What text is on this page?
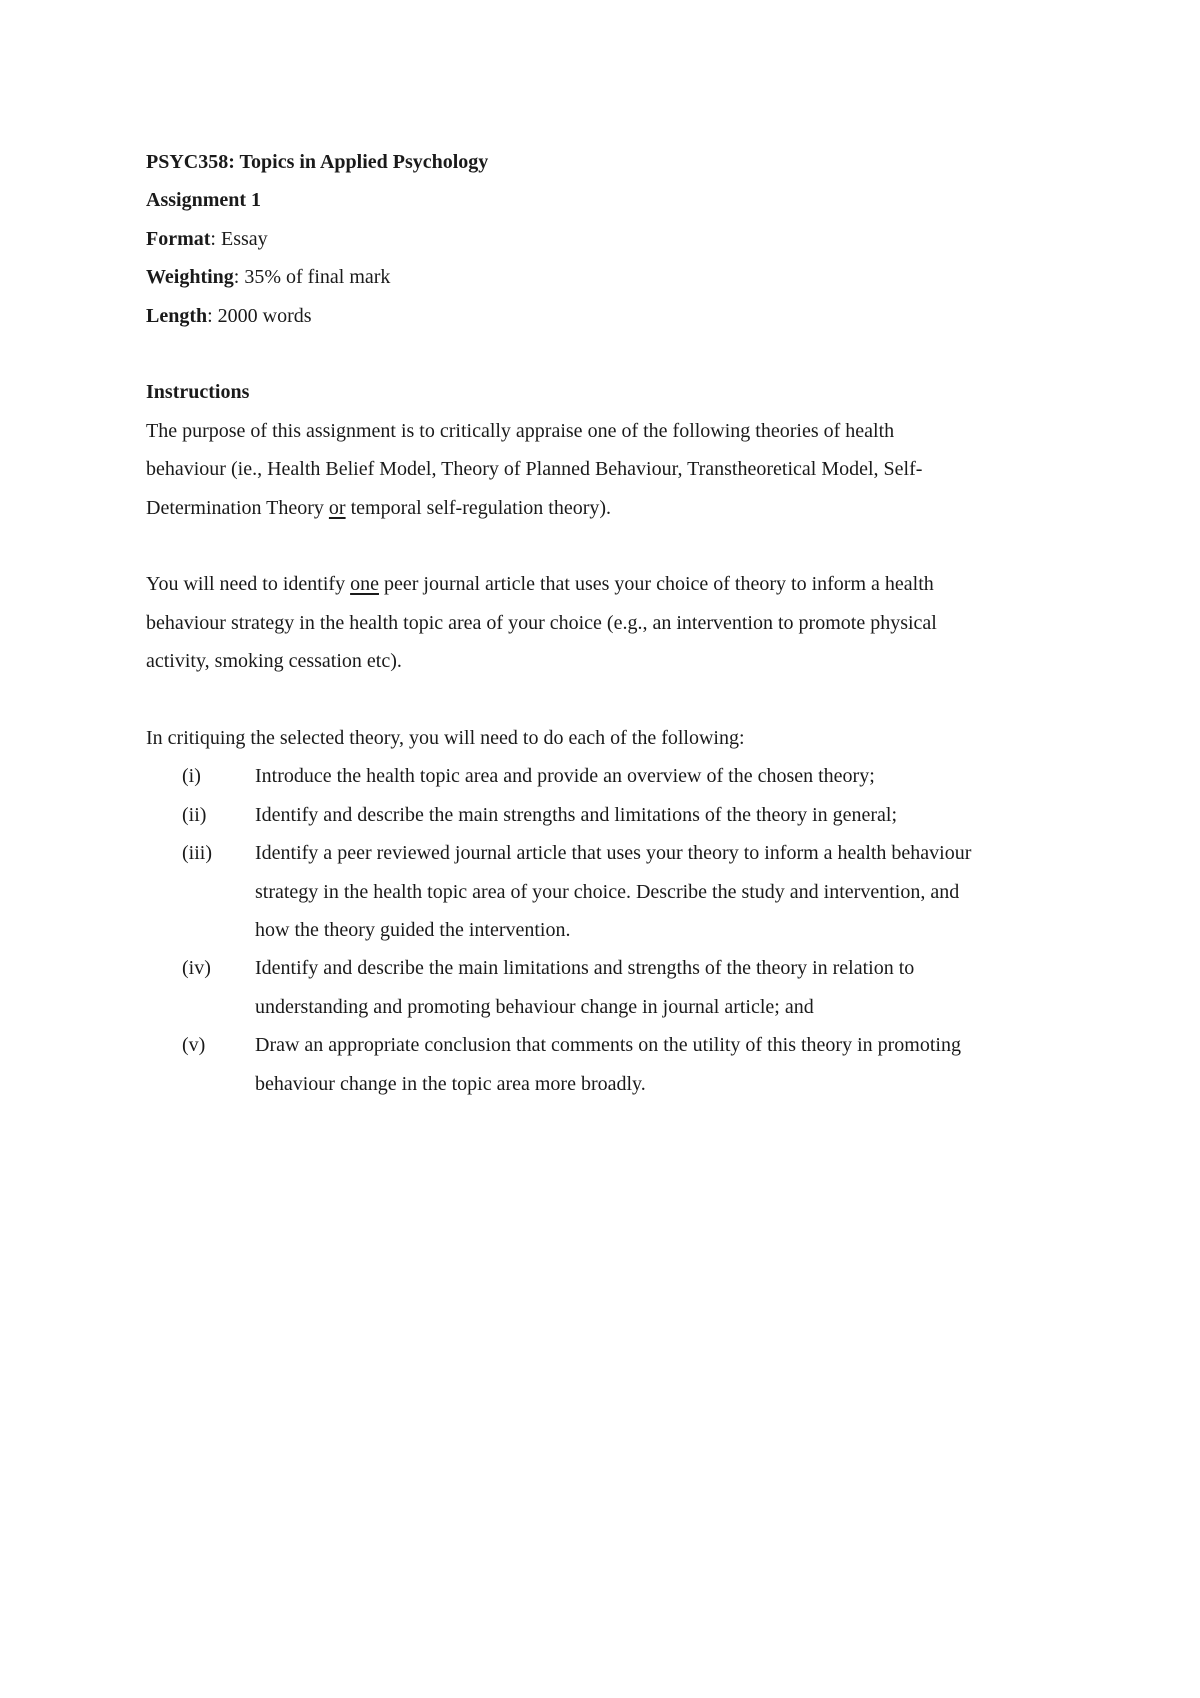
PSYC358: Topics in Applied Psychology

Assignment 1

Format: Essay

Weighting: 35% of final mark

Length: 2000 words

Instructions

The purpose of this assignment is to critically appraise one of the following theories of health

behaviour (ie., Health Belief Model, Theory of Planned Behaviour, Transtheoretical Model, Self-

Determination Theory or temporal self-regulation theory).

You will need to identify one peer journal article that uses your choice of theory to inform a health

behaviour strategy in the health topic area of your choice (e.g., an intervention to promote physical

activity, smoking cessation etc).

In critiquing the selected theory, you will need to do each of the following:

(i)	Introduce the health topic area and provide an overview of the chosen theory;

(ii) Identify and describe the main strengths and limitations of the theory in general;

(iii) Identify a peer reviewed journal article that uses your theory to inform a health behaviour

strategy in the health topic area of your choice. Describe the study and intervention, and

how the theory guided the intervention.

(iv) Identify and describe the main limitations and strengths of the theory in relation to

understanding and promoting behaviour change in journal article; and

(v) Draw an appropriate conclusion that comments on the utility of this theory in promoting

behaviour change in the topic area more broadly.
